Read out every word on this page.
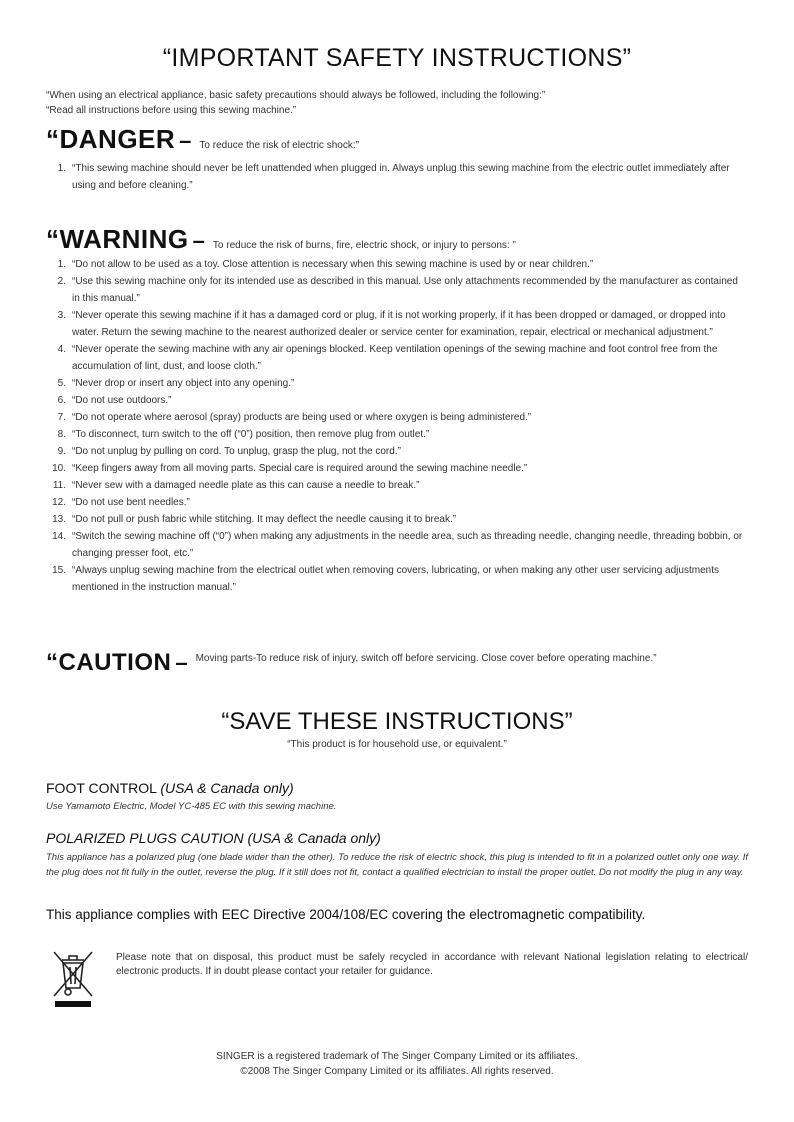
“IMPORTANT SAFETY INSTRUCTIONS”

“When using an electrical appliance, basic safety precautions should always be followed, including the following:”

“Read all instructions before using this sewing machine.”

“DANGER – To reduce the risk of electric shock:”
1. “This sewing machine should never be left unattended when plugged in. Always unplug this sewing machine from the electric outlet immediately after using and before cleaning.”
“WARNING – To reduce the risk of burns, fire, electric shock, or injury to persons: ”
1. “Do not allow to be used as a toy. Close attention is necessary when this sewing machine is used by or near children.”
2. “Use this sewing machine only for its intended use as described in this manual. Use only attachments recommended by the manufacturer as contained in this manual.”
3. “Never operate this sewing machine if it has a damaged cord or plug, if it is not working properly, if it has been dropped or damaged, or dropped into water. Return the sewing machine to the nearest authorized dealer or service center for examination, repair, electrical or mechanical adjustment.”
4. “Never operate the sewing machine with any air openings blocked. Keep ventilation openings of the sewing machine and foot control free from the accumulation of lint, dust, and loose cloth.”
5. “Never drop or insert any object into any opening.”
6. “Do not use outdoors.”
7. “Do not operate where aerosol (spray) products are being used or where oxygen is being administered.”
8. “To disconnect, turn switch to the off (“0”) position, then remove plug from outlet.”
9. “Do not unplug by pulling on cord. To unplug, grasp the plug, not the cord.”
10. “Keep fingers away from all moving parts. Special care is required around the sewing machine needle.”
11. “Never sew with a damaged needle plate as this can cause a needle to break.”
12. “Do not use bent needles.”
13. “Do not pull or push fabric while stitching. It may deflect the needle causing it to break.”
14. “Switch the sewing machine off (“0”) when making any adjustments in the needle area, such as threading needle, changing needle, threading bobbin, or changing presser foot, etc.”
15. “Always unplug sewing machine from the electrical outlet when removing covers, lubricating, or when making any other user servicing adjustments mentioned in the instruction manual.”
“CAUTION – Moving parts-To reduce risk of injury, switch off before servicing. Close cover before operating machine.”
“SAVE THESE INSTRUCTIONS”

“This product is for household use, or equivalent.”

FOOT CONTROL (USA & Canada only)

Use Yamamoto Electric, Model YC-485 EC with this sewing machine.

POLARIZED PLUGS CAUTION (USA & Canada only)

This appliance has a polarized plug (one blade wider than the other). To reduce the risk of electric shock, this plug is intended to fit in a polarized outlet only one way. If the plug does not fit fully in the outlet, reverse the plug. If it still does not fit, contact a qualified electrician to install the proper outlet. Do not modify the plug in any way.

This appliance complies with EEC Directive 2004/108/EC covering the electromagnetic compatibility.

Please note that on disposal, this product must be safely recycled in accordance with relevant National legislation relating to electrical/ electronic products. If in doubt please contact your retailer for guidance.

SINGER is a registered trademark of The Singer Company Limited or its affiliates.

©2008 The Singer Company Limited or its affiliates. All rights reserved.
